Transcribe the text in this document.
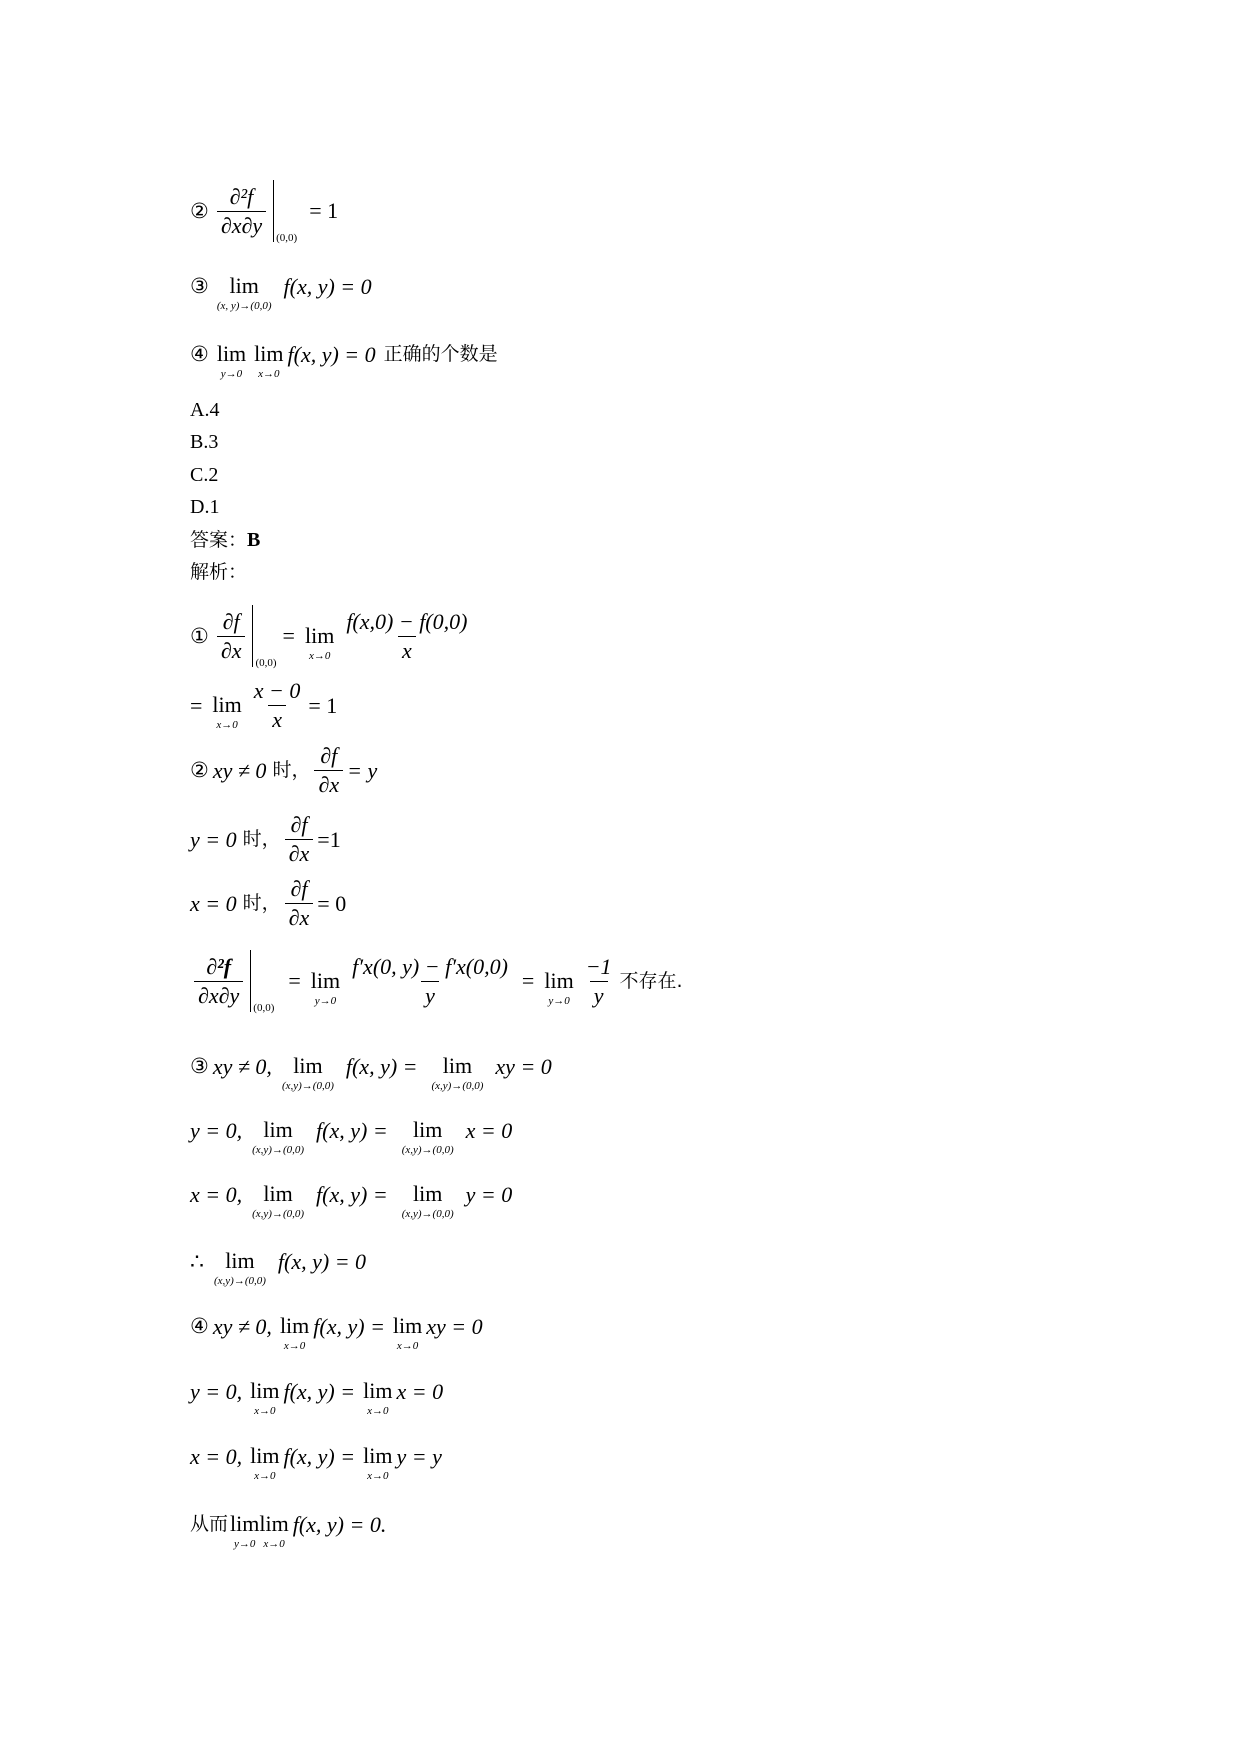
② $\frac{\text{∂²f}}{\partial x\partial y}$
(0,0)
= 1
③ lim
(x, y)→(0,0)
f(x, y) = 0
④ lim
y→0
lim
x→0
f(x, y) = 0 正确的个数是
A.4
B.3
C.2
D.1
答案： B
解析：
① $\frac{\partial f}{\partial x}$
(0,0)
= lim
$x\to 0 \frac{f(x,0) - f(0,0)}{x}$
= lim
$x\to 0 \frac{x - 0}{x} = 1$
② xy ≠ 0 时， $\frac{\partial f}{\partial x} = y$
y = 0 时， $\frac{\partial f}{\partial x} =1$
x = 0 时， $\frac{\partial f}{\partial x} = 0$
$\frac{\text{∂²f}}{\partial x\partial y}$
(0,0)
= lim
$y\to 0 \frac{f'x(0, y) - f'x(0,0)}{y} = \lim$
$y\to 0 \frac{-1}{y}$ 不存在.
③ xy ≠ 0, lim
(x,y)→(0,0)
f(x, y) = lim
(x,y)→(0,0)
xy = 0
y = 0, lim
(x,y)→(0,0)
f(x, y) = lim
(x,y)→(0,0)
x = 0
x = 0, lim
(x,y)→(0,0)
f(x, y) = lim
(x,y)→(0,0)
y = 0
∴ lim
(x,y)→(0,0)
f(x, y) = 0
④ xy ≠ 0, lim
x→0
f(x, y) = lim
x→0
xy = 0
y = 0, lim
x→0
f(x, y) = lim
x→0
x = 0
x = 0, lim
x→0
f(x, y) = lim
x→0
y = y
从而 lim
y→0
lim
x→0
f(x, y) = 0.
